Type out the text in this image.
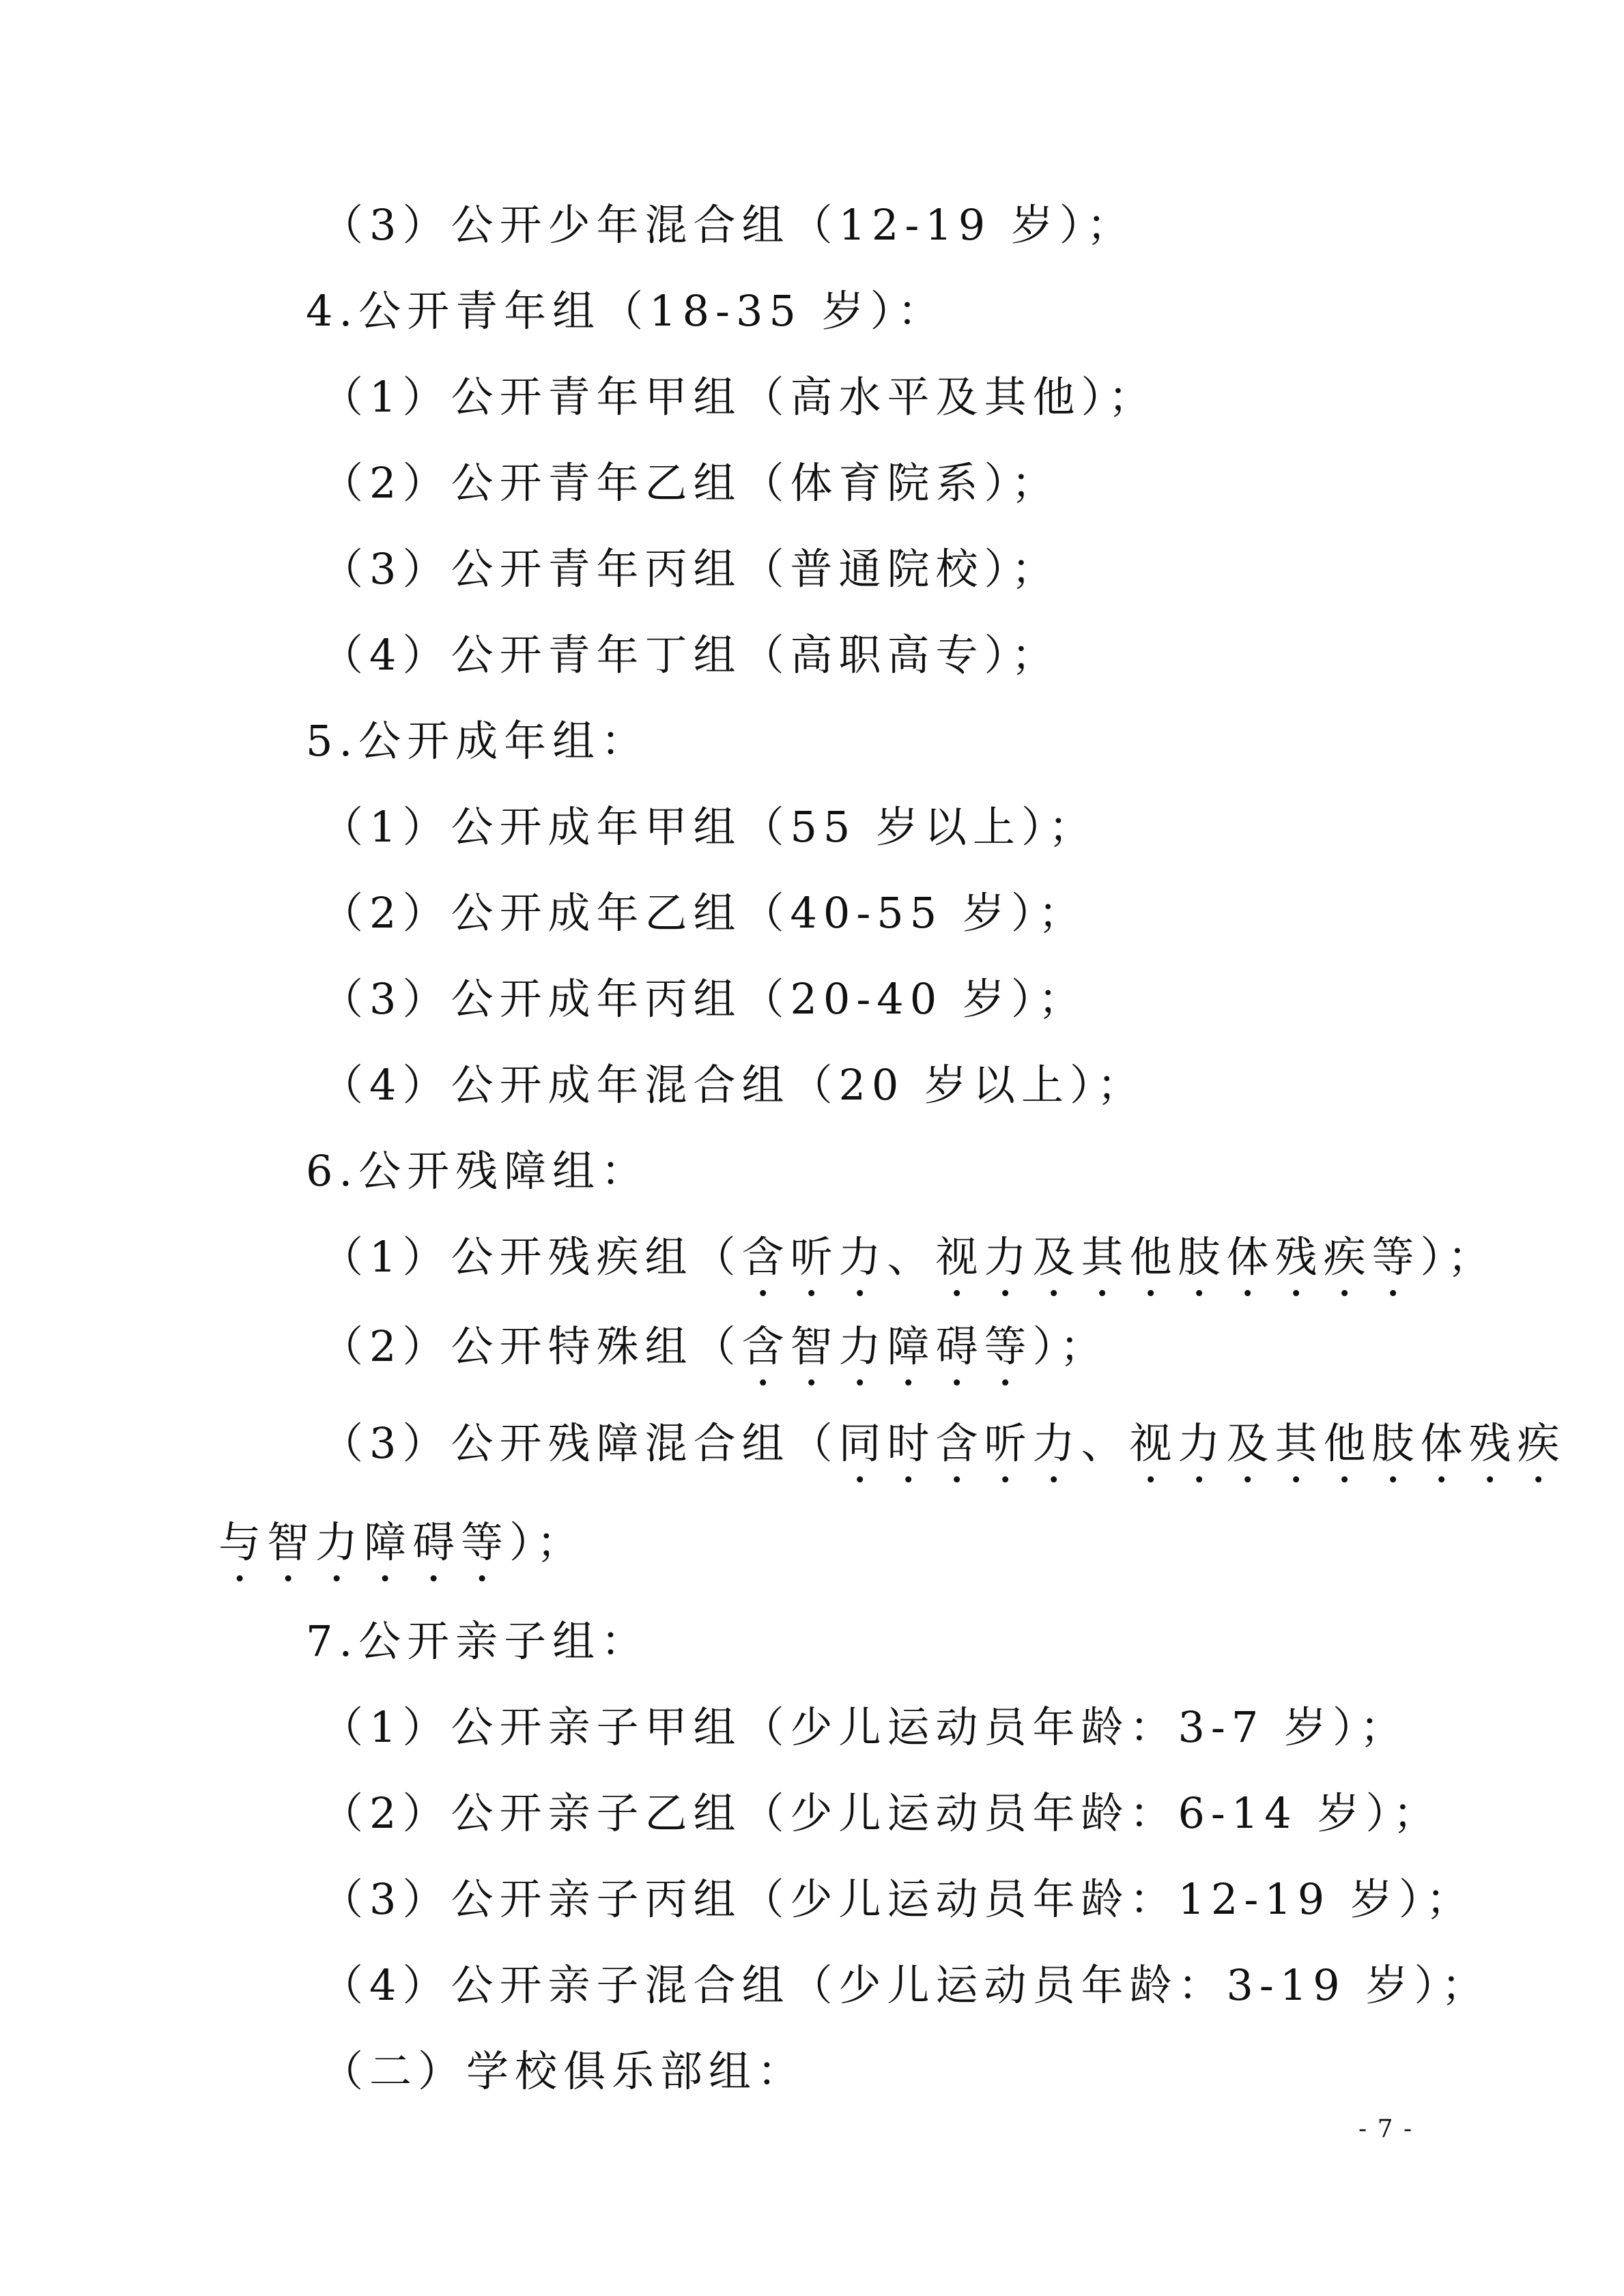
（3）公开少年混合组（12-19 岁）；
4.公开青年组（18-35 岁）：
（1）公开青年甲组（高水平及其他）；
（2）公开青年乙组（体育院系）；
（3）公开青年丙组（普通院校）；
（4）公开青年丁组（高职高专）；
5.公开成年组：
（1）公开成年甲组（55 岁以上）；
（2）公开成年乙组（40-55 岁）；
（3）公开成年丙组（20-40 岁）；
（4）公开成年混合组（20 岁以上）；
6.公开残障组：
（1）公开残疾组（含听力、视力及其他肢体残疾等）；
（2）公开特殊组（含智力障碍等）；
（3）公开残障混合组（同时含听力、视力及其他肢体残疾
与智力障碍等）；
7.公开亲子组：
（1）公开亲子甲组（少儿运动员年龄：3-7 岁）；
（2）公开亲子乙组（少儿运动员年龄：6-14 岁）；
（3）公开亲子丙组（少儿运动员年龄：12-19 岁）；
（4）公开亲子混合组（少儿运动员年龄：3-19 岁）；
（二）学校俱乐部组：
- 7 -
